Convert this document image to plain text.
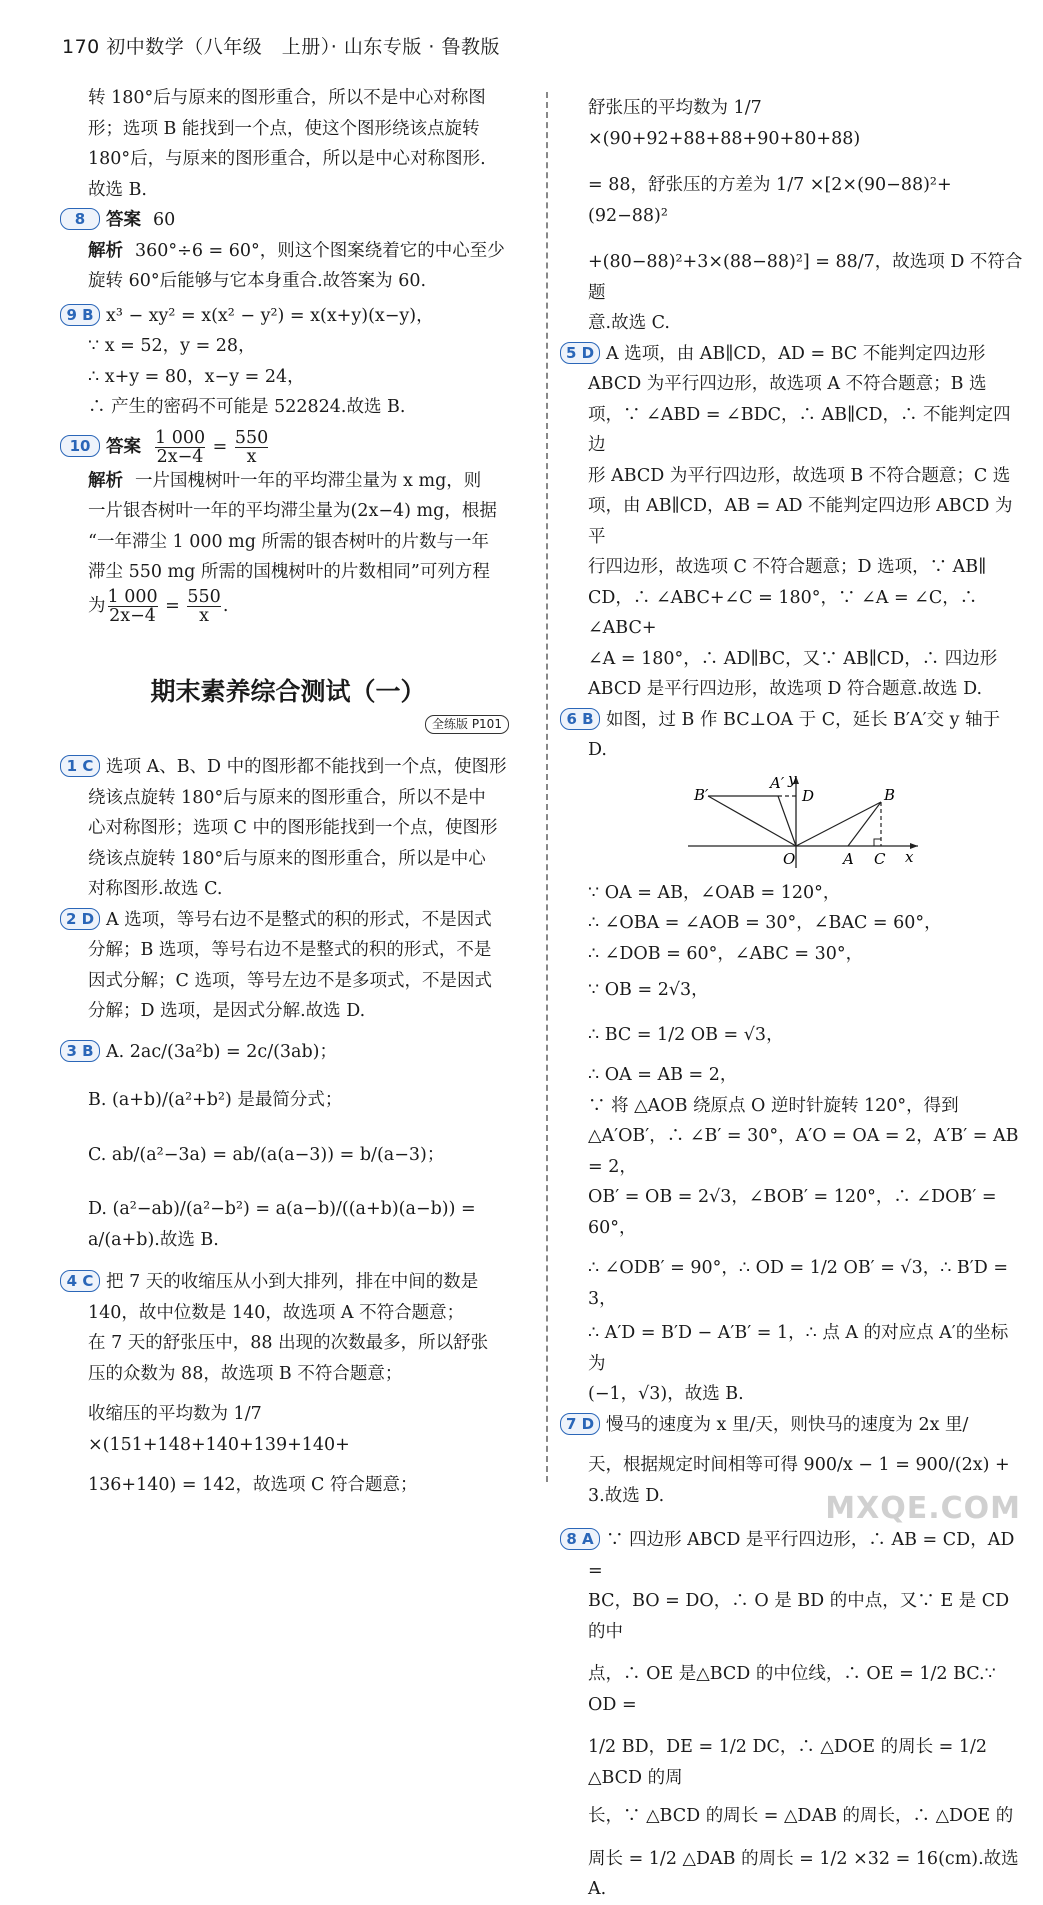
170 初中数学（八年级　上册）· 山东专版 · 鲁教版

转 180°后与原来的图形重合，所以不是中心对称图

形；选项 B 能找到一个点，使这个图形绕该点旋转

180°后，与原来的图形重合，所以是中心对称图形.

故选 B.

8 答案 60

解析 360°÷6 = 60°，则这个图案绕着它的中心至少

旋转 60°后能够与它本身重合.故答案为 60.

9 B x³ − xy² = x(x² − y²) = x(x+y)(x−y)，

∵ x = 52，y = 28，

∴ x+y = 80，x−y = 24，

∴ 产生的密码不可能是 522824.故选 B.

10 答案 $\frac{1 000}{2x-4} = \frac{550}{x}$

解析 一片国槐树叶一年的平均滞尘量为 x mg，则

一片银杏树叶一年的平均滞尘量为(2x−4) mg，根据

“一年滞尘 1 000 mg 所需的银杏树叶的片数与一年

滞尘 550 mg 所需的国槐树叶的片数相同”可列方程

为 $\frac{1 000}{2x-4} = \frac{550}{x}$ .

期末素养综合测试（一）
全练版 P101

1 C 选项 A、B、D 中的图形都不能找到一个点，使图形

绕该点旋转 180°后与原来的图形重合，所以不是中

心对称图形；选项 C 中的图形能找到一个点，使图形

绕该点旋转 180°后与原来的图形重合，所以是中心

对称图形.故选 C.

2 D A 选项，等号右边不是整式的积的形式，不是因式

分解；B 选项，等号右边不是整式的积的形式，不是

因式分解；C 选项，等号左边不是多项式，不是因式

分解；D 选项，是因式分解.故选 D.

3 B A. 2ac/(3a²b) = 2c/(3ab)；

B. (a+b)/(a²+b²) 是最简分式；

C. ab/(a²−3a) = ab/(a(a−3)) = b/(a−3)；

D. (a²−ab)/(a²−b²) = a(a−b)/((a+b)(a−b)) = a/(a+b).故选 B.

4 C 把 7 天的收缩压从小到大排列，排在中间的数是

140，故中位数是 140，故选项 A 不符合题意；

在 7 天的舒张压中，88 出现的次数最多，所以舒张

压的众数为 88，故选项 B 不符合题意；

收缩压的平均数为 1/7 ×(151+148+140+139+140+

136+140) = 142，故选项 C 符合题意；

舒张压的平均数为 1/7 ×(90+92+88+88+90+80+88)

= 88，舒张压的方差为 1/7 ×[2×(90−88)²+(92−88)²

+(80−88)²+3×(88−88)²] = 88/7，故选项 D 不符合题

意.故选 C.

5 D A 选项，由 AB∥CD，AD = BC 不能判定四边形

ABCD 为平行四边形，故选项 A 不符合题意；B 选

项，∵ ∠ABD = ∠BDC，∴ AB∥CD，∴ 不能判定四边

形 ABCD 为平行四边形，故选项 B 不符合题意；C 选

项，由 AB∥CD，AB = AD 不能判定四边形 ABCD 为平

行四边形，故选项 C 不符合题意；D 选项，∵ AB∥

CD，∴ ∠ABC+∠C = 180°，∵ ∠A = ∠C，∴ ∠ABC+

∠A = 180°，∴ AD∥BC，又∵ AB∥CD，∴ 四边形

ABCD 是平行四边形，故选项 D 符合题意.故选 D.

6 B 如图，过 B 作 BC⊥OA 于 C，延长 B′A′交 y 轴于 D.

B′
A′
D	B
O	A C x
y

∵ OA = AB，∠OAB = 120°，

∴ ∠OBA = ∠AOB = 30°，∠BAC = 60°，

∴ ∠DOB = 60°，∠ABC = 30°，

∵ OB = 2√3，

∴ BC = 1/2 OB = √3，

∴ OA = AB = 2，

∵ 将 △AOB 绕原点 O 逆时针旋转 120°，得到

△A′OB′，∴ ∠B′ = 30°，A′O = OA = 2，A′B′ = AB = 2，

OB′ = OB = 2√3，∠BOB′ = 120°，∴ ∠DOB′ = 60°，

∴ ∠ODB′ = 90°，∴ OD = 1/2 OB′ = √3，∴ B′D = 3，

∴ A′D = B′D − A′B′ = 1，∴ 点 A 的对应点 A′的坐标为

(−1，√3)，故选 B.

7 D 慢马的速度为 x 里/天，则快马的速度为 2x 里/

天，根据规定时间相等可得 900/x − 1 = 900/(2x) + 3.故选 D.

8 A ∵ 四边形 ABCD 是平行四边形，∴ AB = CD，AD =

BC，BO = DO，∴ O 是 BD 的中点，又∵ E 是 CD 的中

点，∴ OE 是△BCD 的中位线，∴ OE = 1/2 BC.∵ OD =

1/2 BD，DE = 1/2 DC，∴ △DOE 的周长 = 1/2 △BCD 的周

长，∵ △BCD 的周长 = △DAB 的周长，∴ △DOE 的

周长 = 1/2 △DAB 的周长 = 1/2 ×32 = 16(cm).故选 A.

MXQE.COM
